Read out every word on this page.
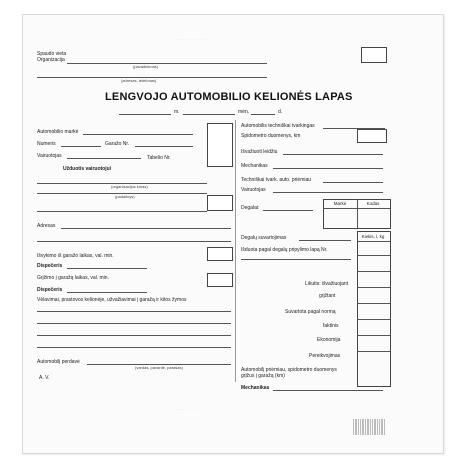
· · · · · · · · · · · · · ·
· · · · · · · · · · ·
Spaudo vieta
Organizacija
(pavadinimas)
(adresas, telefonas)
LENGVOJO AUTOMOBILIO KELIONĖS LAPAS
m.	mėn.	d.
Automobilio markė
Numeris	Garažo Nr.
Vairuotojas	Tabelio Nr.
Užduotis vairuotojui
(organizacijos kmas)
(padalinys)
Adresas
Išvykimo iš garažo laikas, val. min.
Dispečeris
Grįžimo į garažą laikas, val. min.
Dispečeris
Vėlavimai, prastovos kelionėje, užvažiavimai į garažą ir kitos žymos
Automobilį perdavė
(vardas, pavardė, parašas)
A. V.
Automobilis techniškai tvarkingas
Spidometro duomenys, km
Išvažiuoti leidžiu
Mechanikas
Techniškai tvark. auto. priėmiau
Vairuotojas
Degalai:
Markė	Kodas
Degalų suvartojimas	Kiekis, l, kg
Išduota pagal degalų pripylimo lapą Nr.
Likutis: išvažiuojant
grįžtant
Suvartota pagal normą
faktinis
Ekonomija
Pereikvojimas
Automobilį priėmiau, spidometro duomenys grįžus į garažą (km)
Mechanikas
